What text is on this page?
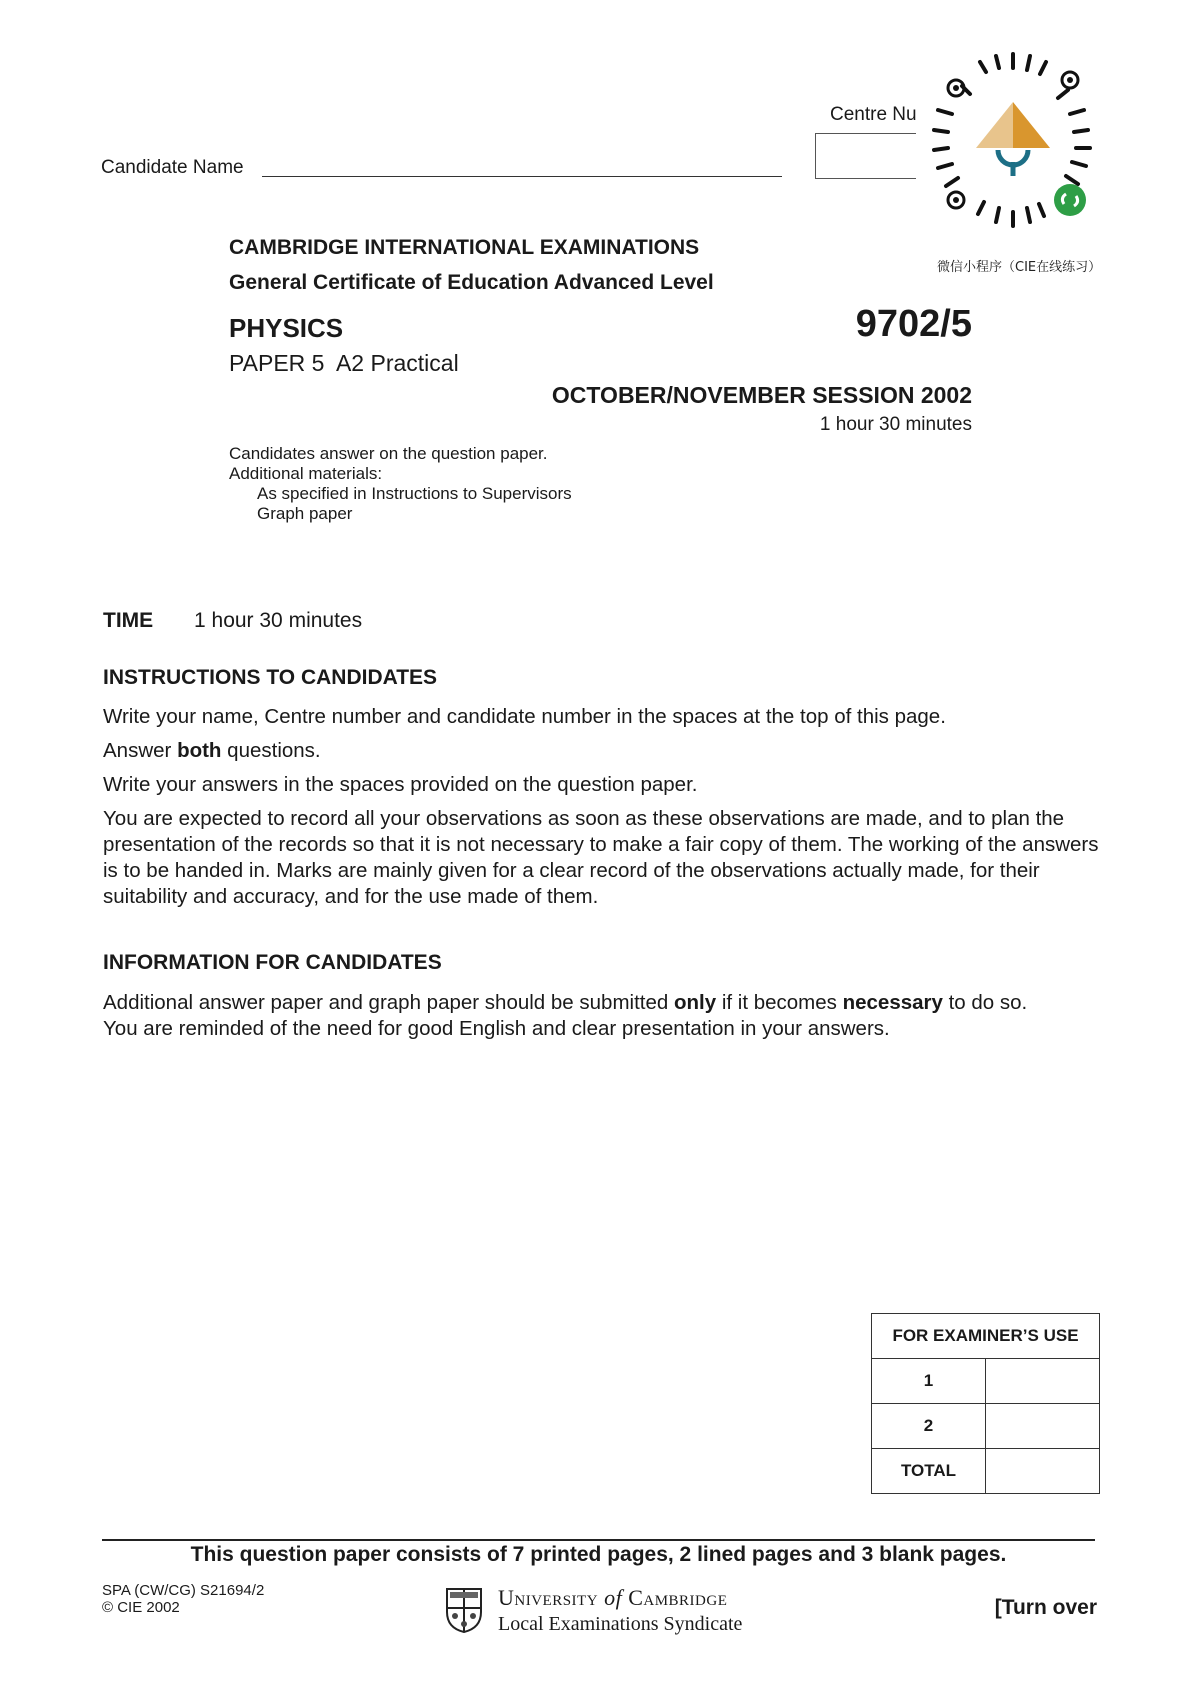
Candidate Name
Centre Nu
微信小程序（CIE在线练习）
CAMBRIDGE INTERNATIONAL EXAMINATIONS
General Certificate of Education Advanced Level
PHYSICS	9702/5
PAPER 5  A2 Practical
OCTOBER/NOVEMBER SESSION 2002
1 hour 30 minutes
Candidates answer on the question paper.
Additional materials:
As specified in Instructions to Supervisors
Graph paper
TIME 1 hour 30 minutes
INSTRUCTIONS TO CANDIDATES

Write your name, Centre number and candidate number in the spaces at the top of this page.

Answer both questions.

Write your answers in the spaces provided on the question paper.

You are expected to record all your observations as soon as these observations are made, and to plan the presentation of the records so that it is not necessary to make a fair copy of them. The working of the answers is to be handed in. Marks are mainly given for a clear record of the observations actually made, for their suitability and accuracy, and for the use made of them.

INFORMATION FOR CANDIDATES

Additional answer paper and graph paper should be submitted only if it becomes necessary to do so.

You are reminded of the need for good English and clear presentation in your answers.

FOR EXAMINER’S USE	
1	
2	
TOTAL	
This question paper consists of 7 printed pages, 2 lined pages and 3 blank pages.
SPA (CW/CG) S21694/2
© CIE 2002	University of Cambridge
Local Examinations Syndicate
[Turn over
